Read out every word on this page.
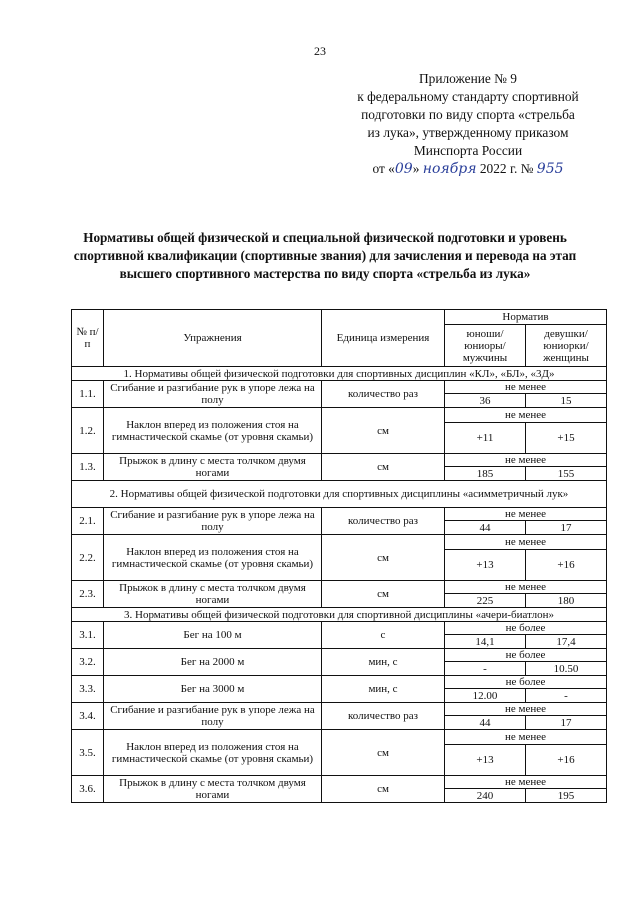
23
Приложение № 9
к федеральному стандарту спортивной
подготовки по виду спорта «стрельба
из лука», утвержденному приказом
Минспорта России
от «09» ноября 2022 г. № 955
Нормативы общей физической и специальной физической подготовки и уровень спортивной квалификации (спортивные звания) для зачисления и перевода на этап высшего спортивного мастерства по виду спорта «стрельба из лука»
№ п/п	Упражнения	Единица измерения	Норматив	
			юноши/ юниоры/ мужчины	девушки/ юниорки/ женщины
1. Нормативы общей физической подготовки для спортивных дисциплин «КЛ», «БЛ», «3Д»				
1.1.	Сгибание и разгибание рук в упоре лежа на полу	количество раз	не менее	
			36	15
1.2.	Наклон вперед из положения стоя на гимнастической скамье (от уровня скамьи)	см	не менее	
			+11	+15
1.3.	Прыжок в длину с места толчком двумя ногами	см	не менее	
			185	155
2. Нормативы общей физической подготовки для спортивных дисциплины «асимметричный лук»				
2.1.	Сгибание и разгибание рук в упоре лежа на полу	количество раз	не менее	
			44	17
2.2.	Наклон вперед из положения стоя на гимнастической скамье (от уровня скамьи)	см	не менее	
			+13	+16
2.3.	Прыжок в длину с места толчком двумя ногами	см	не менее	
			225	180
3. Нормативы общей физической подготовки для спортивной дисциплины «ачери-биатлон»				
3.1.	Бег на 100 м	с	не более	
			14,1	17,4
3.2.	Бег на 2000 м	мин, с	не более	
			-	10.50
3.3.	Бег на 3000 м	мин, с	не более	
			12.00	-
3.4.	Сгибание и разгибание рук в упоре лежа на полу	количество раз	не менее	
			44	17
3.5.	Наклон вперед из положения стоя на гимнастической скамье (от уровня скамьи)	см	не менее	
			+13	+16
3.6.	Прыжок в длину с места толчком двумя ногами	см	не менее	
			240	195
